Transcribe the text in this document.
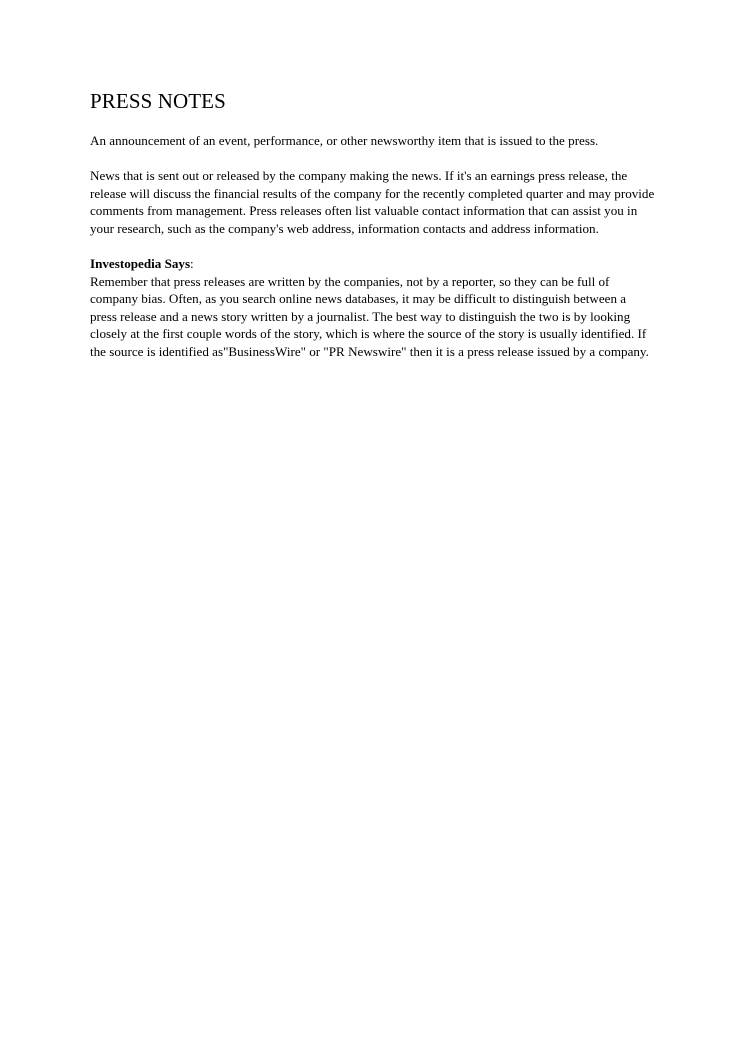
PRESS NOTES

An announcement of an event, performance, or other newsworthy item that is issued to the press.

News that is sent out or released by the company making the news. If it's an earnings press release, the release will discuss the financial results of the company for the recently completed quarter and may provide comments from management. Press releases often list valuable contact information that can assist you in your research, such as the company's web address, information contacts and address information.

Investopedia Says:

Remember that press releases are written by the companies, not by a reporter, so they can be full of company bias. Often, as you search online news databases, it may be difficult to distinguish between a press release and a news story written by a journalist. The best way to distinguish the two is by looking closely at the first couple words of the story, which is where the source of the story is usually identified. If the source is identified as"BusinessWire" or "PR Newswire" then it is a press release issued by a company.
